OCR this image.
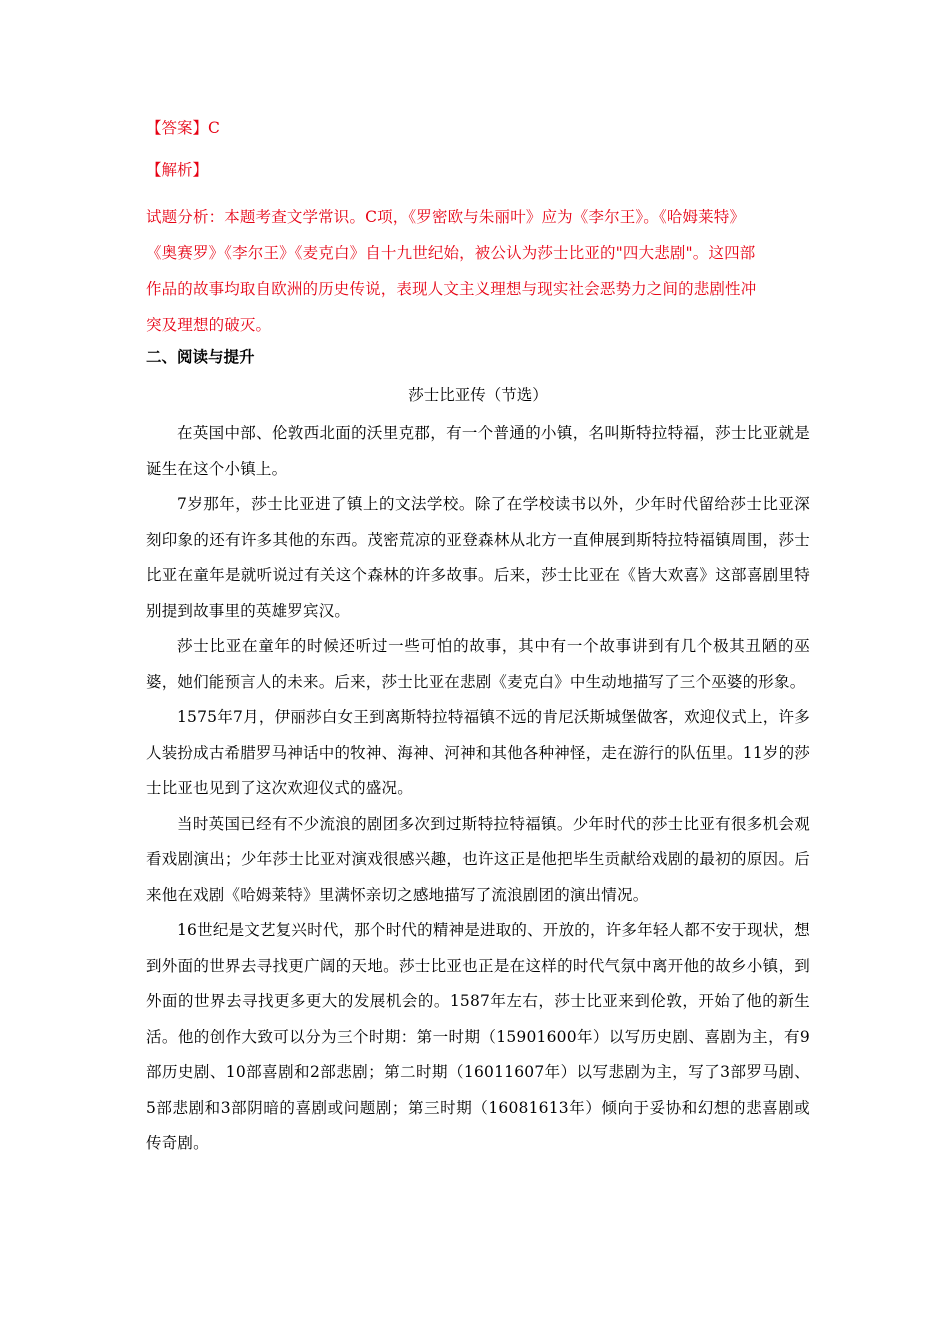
【答案】C
【解析】
试题分析：本题考查文学常识。C项，《罗密欧与朱丽叶》应为《李尔王》。《哈姆莱特》
《奥赛罗》《李尔王》《麦克白》自十九世纪始，被公认为莎士比亚的"四大悲剧"。这四部
作品的故事均取自欧洲的历史传说，表现人文主义理想与现实社会恶势力之间的悲剧性冲
突及理想的破灭。
二、阅读与提升
莎士比亚传（节选）

在英国中部、伦敦西北面的沃里克郡，有一个普通的小镇，名叫斯特拉特福，莎士比亚就是诞生在这个小镇上。

7岁那年，莎士比亚进了镇上的文法学校。除了在学校读书以外，少年时代留给莎士比亚深刻印象的还有许多其他的东西。茂密荒凉的亚登森林从北方一直伸展到斯特拉特福镇周围，莎士比亚在童年是就听说过有关这个森林的许多故事。后来，莎士比亚在《皆大欢喜》这部喜剧里特别提到故事里的英雄罗宾汉。

莎士比亚在童年的时候还听过一些可怕的故事，其中有一个故事讲到有几个极其丑陋的巫婆，她们能预言人的未来。后来，莎士比亚在悲剧《麦克白》中生动地描写了三个巫婆的形象。

1575年7月，伊丽莎白女王到离斯特拉特福镇不远的肯尼沃斯城堡做客，欢迎仪式上，许多人装扮成古希腊罗马神话中的牧神、海神、河神和其他各种神怪，走在游行的队伍里。11岁的莎士比亚也见到了这次欢迎仪式的盛况。

当时英国已经有不少流浪的剧团多次到过斯特拉特福镇。少年时代的莎士比亚有很多机会观看戏剧演出；少年莎士比亚对演戏很感兴趣，也许这正是他把毕生贡献给戏剧的最初的原因。后来他在戏剧《哈姆莱特》里满怀亲切之感地描写了流浪剧团的演出情况。

16世纪是文艺复兴时代，那个时代的精神是进取的、开放的，许多年轻人都不安于现状，想到外面的世界去寻找更广阔的天地。莎士比亚也正是在这样的时代气氛中离开他的故乡小镇，到外面的世界去寻找更多更大的发展机会的。1587年左右，莎士比亚来到伦敦，开始了他的新生活。他的创作大致可以分为三个时期：第一时期（15901600年）以写历史剧、喜剧为主，有9部历史剧、10部喜剧和2部悲剧；第二时期（16011607年）以写悲剧为主，写了3部罗马剧、5部悲剧和3部阴暗的喜剧或问题剧；第三时期（16081613年）倾向于妥协和幻想的悲喜剧或传奇剧。
